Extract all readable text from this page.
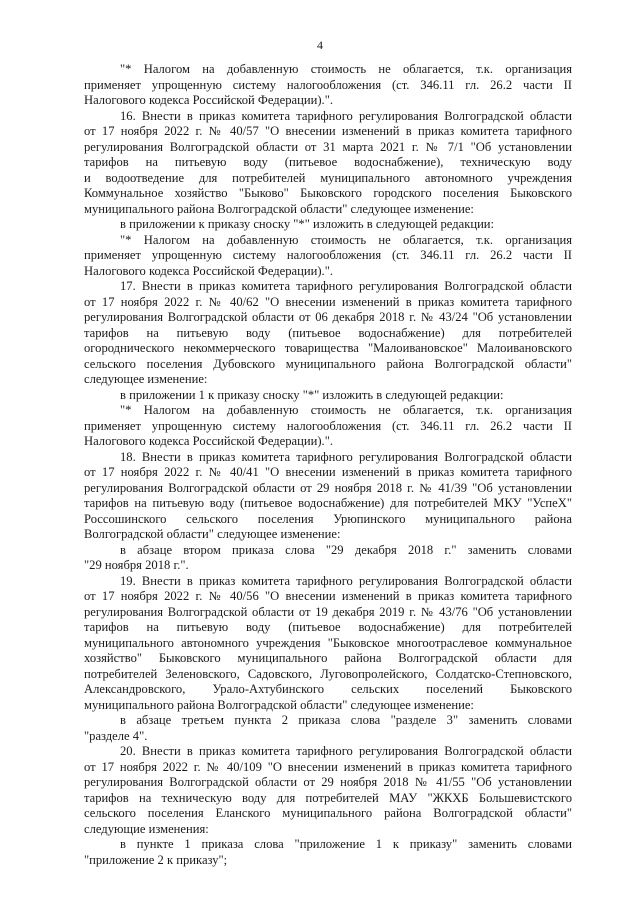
4
"* Налогом на добавленную стоимость не облагается, т.к. организация
применяет упрощенную систему налогообложения (ст. 346.11 гл. 26.2 части II
Налогового кодекса Российской Федерации).".
16. Внести в приказ комитета тарифного регулирования Волгоградской области
от 17 ноября 2022 г. № 40/57 "О внесении изменений в приказ комитета тарифного
регулирования Волгоградской области от 31 марта 2021 г. № 7/1 "Об установлении
тарифов на питьевую воду (питьевое водоснабжение), техническую воду
и водоотведение для потребителей муниципального автономного учреждения
Коммунальное хозяйство "Быково" Быковского городского поселения Быковского
муниципального района Волгоградской области" следующее изменение:
в приложении к приказу сноску "*" изложить в следующей редакции:
"* Налогом на добавленную стоимость не облагается, т.к. организация
применяет упрощенную систему налогообложения (ст. 346.11 гл. 26.2 части II
Налогового кодекса Российской Федерации).".
17. Внести в приказ комитета тарифного регулирования Волгоградской области
от 17 ноября 2022 г. № 40/62 "О внесении изменений в приказ комитета тарифного
регулирования Волгоградской области от 06 декабря 2018 г. № 43/24 "Об установлении
тарифов на питьевую воду (питьевое водоснабжение) для потребителей
огороднического некоммерческого товарищества "Малоивановское" Малоивановского
сельского поселения Дубовского муниципального района Волгоградской области"
следующее изменение:
в приложении 1 к приказу сноску "*" изложить в следующей редакции:
"* Налогом на добавленную стоимость не облагается, т.к. организация
применяет упрощенную систему налогообложения (ст. 346.11 гл. 26.2 части II
Налогового кодекса Российской Федерации).".
18. Внести в приказ комитета тарифного регулирования Волгоградской области
от 17 ноября 2022 г. № 40/41 "О внесении изменений в приказ комитета тарифного
регулирования Волгоградской области от 29 ноября 2018 г. № 41/39 "Об установлении
тарифов на питьевую воду (питьевое водоснабжение) для потребителей МКУ "УспеХ"
Россошинского сельского поселения Урюпинского муниципального района
Волгоградской области" следующее изменение:
в абзаце втором приказа слова "29 декабря 2018 г." заменить словами
"29 ноября 2018 г.".
19. Внести в приказ комитета тарифного регулирования Волгоградской области
от 17 ноября 2022 г. № 40/56 "О внесении изменений в приказ комитета тарифного
регулирования Волгоградской области от 19 декабря 2019 г. № 43/76 "Об установлении
тарифов на питьевую воду (питьевое водоснабжение) для потребителей
муниципального автономного учреждения "Быковское многоотраслевое коммунальное
хозяйство" Быковского муниципального района Волгоградской области для
потребителей Зеленовского, Садовского, Луговопролейского, Солдатско-Степновского,
Александровского, Урало-Ахтубинского сельских поселений Быковского
муниципального района Волгоградской области" следующее изменение:
в абзаце третьем пункта 2 приказа слова "разделе 3" заменить словами
"разделе 4".
20. Внести в приказ комитета тарифного регулирования Волгоградской области
от 17 ноября 2022 г. № 40/109 "О внесении изменений в приказ комитета тарифного
регулирования Волгоградской области от 29 ноября 2018 № 41/55 "Об установлении
тарифов на техническую воду для потребителей МАУ "ЖКХБ Большевистского
сельского поселения Еланского муниципального района Волгоградской области"
следующие изменения:
в пункте 1 приказа слова "приложение 1 к приказу" заменить словами
"приложение 2 к приказу";
